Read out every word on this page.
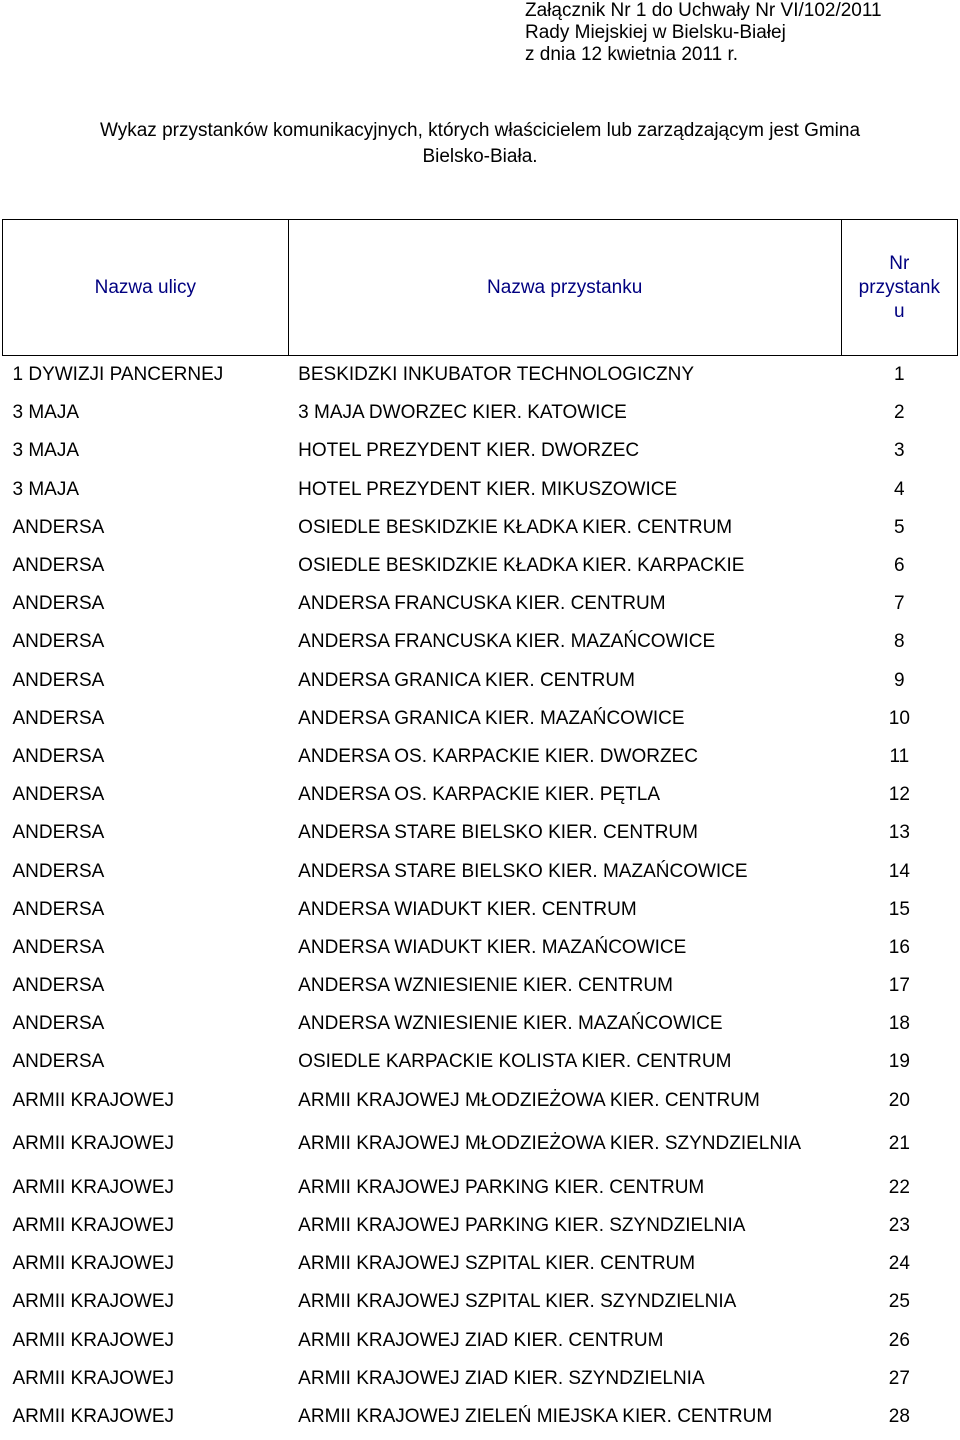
Załącznik Nr 1 do Uchwały Nr VI/102/2011
Rady Miejskiej w Bielsku-Białej
z dnia 12 kwietnia 2011 r.
Wykaz przystanków komunikacyjnych, których właścicielem lub zarządzającym jest Gmina
Bielsko-Biała.
Nazwa ulicy	Nazwa przystanku	Nr
przystank
u

1 DYWIZJI PANCERNEJ	BESKIDZKI INKUBATOR TECHNOLOGICZNY	1
3 MAJA	3 MAJA DWORZEC KIER. KATOWICE	2
3 MAJA	HOTEL PREZYDENT KIER. DWORZEC	3
3 MAJA	HOTEL PREZYDENT KIER. MIKUSZOWICE	4
ANDERSA	OSIEDLE BESKIDZKIE KŁADKA KIER. CENTRUM	5
ANDERSA	OSIEDLE BESKIDZKIE KŁADKA KIER. KARPACKIE	6
ANDERSA	ANDERSA FRANCUSKA KIER. CENTRUM	7
ANDERSA	ANDERSA FRANCUSKA KIER. MAZAŃCOWICE	8
ANDERSA	ANDERSA GRANICA KIER. CENTRUM	9
ANDERSA	ANDERSA GRANICA KIER. MAZAŃCOWICE	10
ANDERSA	ANDERSA OS. KARPACKIE KIER. DWORZEC	11
ANDERSA	ANDERSA OS. KARPACKIE KIER. PĘTLA	12
ANDERSA	ANDERSA STARE BIELSKO KIER. CENTRUM	13
ANDERSA	ANDERSA STARE BIELSKO KIER. MAZAŃCOWICE	14
ANDERSA	ANDERSA WIADUKT KIER. CENTRUM	15
ANDERSA	ANDERSA WIADUKT KIER. MAZAŃCOWICE	16
ANDERSA	ANDERSA WZNIESIENIE KIER. CENTRUM	17
ANDERSA	ANDERSA WZNIESIENIE KIER. MAZAŃCOWICE	18
ANDERSA	OSIEDLE KARPACKIE KOLISTA KIER. CENTRUM	19
ARMII KRAJOWEJ	ARMII KRAJOWEJ MŁODZIEŻOWA KIER. CENTRUM	20
ARMII KRAJOWEJ	ARMII KRAJOWEJ MŁODZIEŻOWA KIER. SZYNDZIELNIA	21
ARMII KRAJOWEJ	ARMII KRAJOWEJ PARKING KIER. CENTRUM	22
ARMII KRAJOWEJ	ARMII KRAJOWEJ PARKING KIER. SZYNDZIELNIA	23
ARMII KRAJOWEJ	ARMII KRAJOWEJ SZPITAL KIER. CENTRUM	24
ARMII KRAJOWEJ	ARMII KRAJOWEJ SZPITAL KIER. SZYNDZIELNIA	25
ARMII KRAJOWEJ	ARMII KRAJOWEJ ZIAD KIER. CENTRUM	26
ARMII KRAJOWEJ	ARMII KRAJOWEJ ZIAD KIER. SZYNDZIELNIA	27
ARMII KRAJOWEJ	ARMII KRAJOWEJ ZIELEŃ MIEJSKA KIER. CENTRUM	28
